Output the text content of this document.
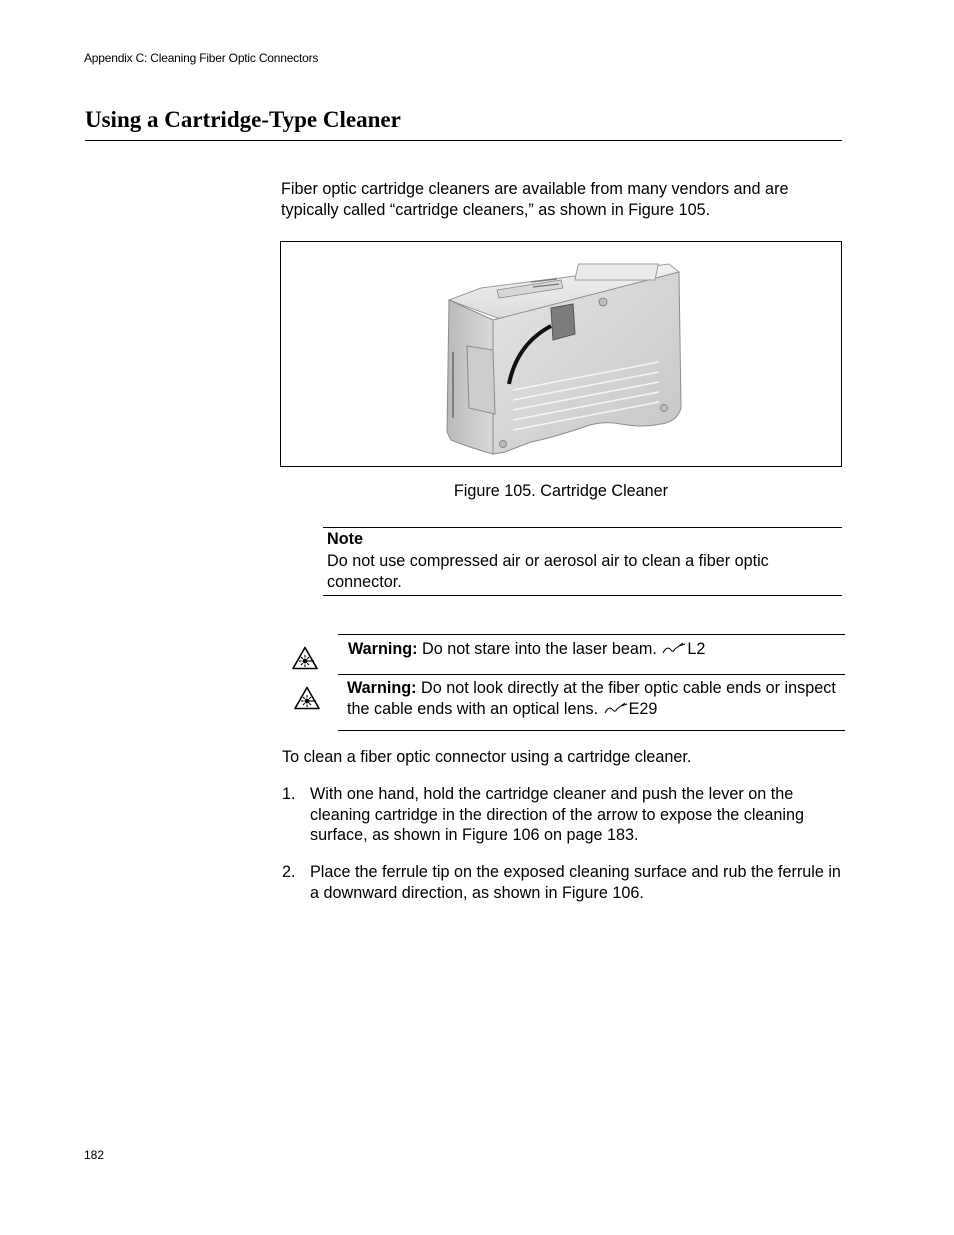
Appendix C: Cleaning Fiber Optic Connectors
Using a Cartridge-Type Cleaner
Fiber optic cartridge cleaners are available from many vendors and are typically called “cartridge cleaners,” as shown in Figure 105.
Figure 105. Cartridge Cleaner
Note
Do not use compressed air or aerosol air to clean a fiber optic connector.
Warning: Do not stare into the laser beam. L2
Warning: Do not look directly at the fiber optic cable ends or inspect the cable ends with an optical lens. E29
To clean a fiber optic connector using a cartridge cleaner.
1. With one hand, hold the cartridge cleaner and push the lever on the cleaning cartridge in the direction of the arrow to expose the cleaning surface, as shown in Figure 106 on page 183.
2. Place the ferrule tip on the exposed cleaning surface and rub the ferrule in a downward direction, as shown in Figure 106.
182
